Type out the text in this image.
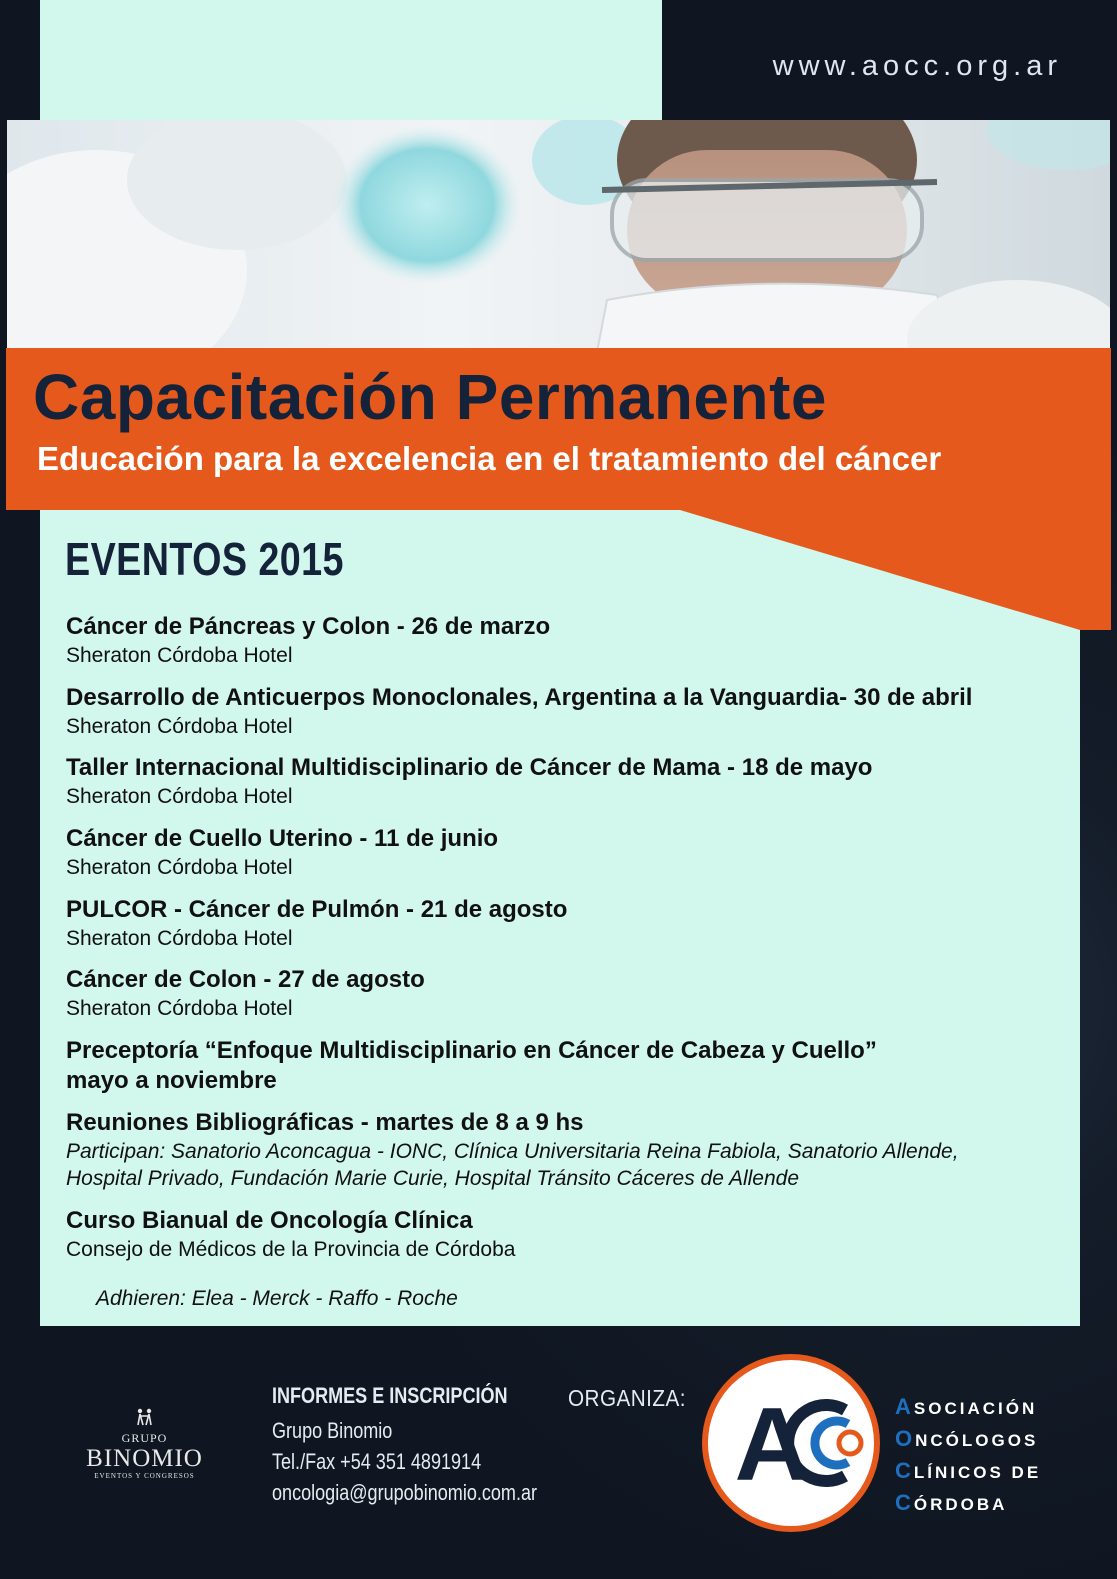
www.aocc.org.ar
Capacitación Permanente
Educación para la excelencia en el tratamiento del cáncer
EVENTOS 2015
Cáncer de Páncreas y Colon - 26 de marzo
Sheraton Córdoba Hotel
Desarrollo de Anticuerpos Monoclonales, Argentina a la Vanguardia- 30 de abril
Sheraton Córdoba Hotel
Taller Internacional Multidisciplinario de Cáncer de Mama - 18 de mayo
Sheraton Córdoba Hotel
Cáncer de Cuello Uterino - 11 de junio
Sheraton Córdoba Hotel
PULCOR - Cáncer de Pulmón - 21 de agosto
Sheraton Córdoba Hotel
Cáncer de Colon - 27 de agosto
Sheraton Córdoba Hotel
Preceptoría “Enfoque Multidisciplinario en Cáncer de Cabeza y Cuello”
mayo a noviembre
Reuniones Bibliográficas - martes de 8 a 9 hs
Participan: Sanatorio Aconcagua - IONC, Clínica Universitaria Reina Fabiola, Sanatorio Allende,
Hospital Privado, Fundación Marie Curie, Hospital Tránsito Cáceres de Allende
Curso Bianual de Oncología Clínica
Consejo de Médicos de la Provincia de Córdoba
Adhieren: Elea - Merck - Raffo - Roche
GRUPO
BINOMIO
EVENTOS Y CONGRESOS
INFORMES E INSCRIPCIÓN
Grupo Binomio
Tel./Fax +54 351 4891914
oncologia@grupobinomio.com.ar
ORGANIZA: A	ASOCIACIÓN
ONCÓLOGOS
CLÍNICOS DE
CÓRDOBA
